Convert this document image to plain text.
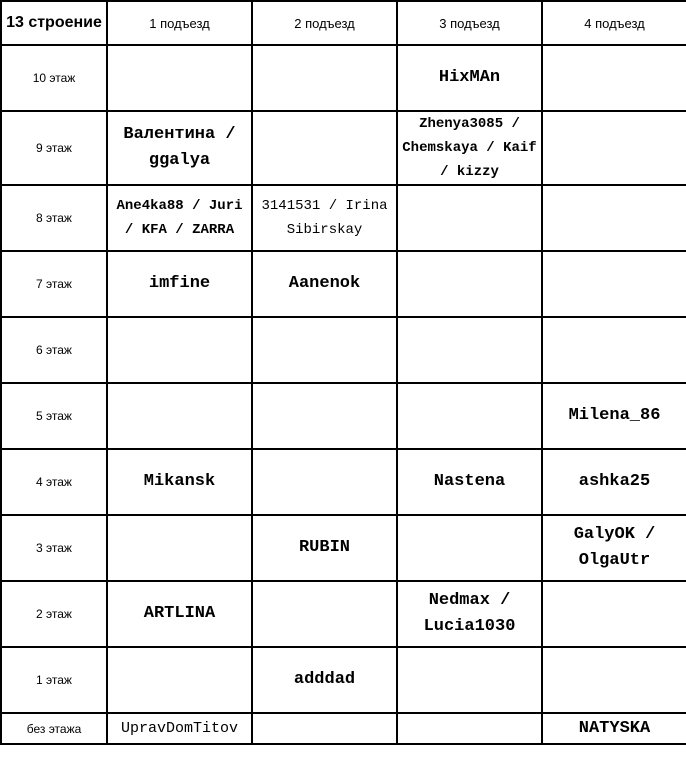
13 строение	1 подъезд	2 подъезд	3 подъезд	4 подъезд
10 этаж			HixMAn	
9 этаж	Валентина / ggalya		Zhenya3085 / Chemskaya / Kaif / kizzy	
8 этаж	Ane4ka88 / Juri / KFA / ZARRA	3141531 / Irina Sibirskay		
7 этаж	imfine	Aanenok		
6 этаж				
5 этаж				Milena_86
4 этаж	Mikansk		Nastena	ashka25
3 этаж		RUBIN		GalyOK / OlgaUtr
2 этаж	ARTLINA		Nedmax / Lucia1030	
1 этаж		adddad		
без этажа	UpravDomTitov			NATYSKA
